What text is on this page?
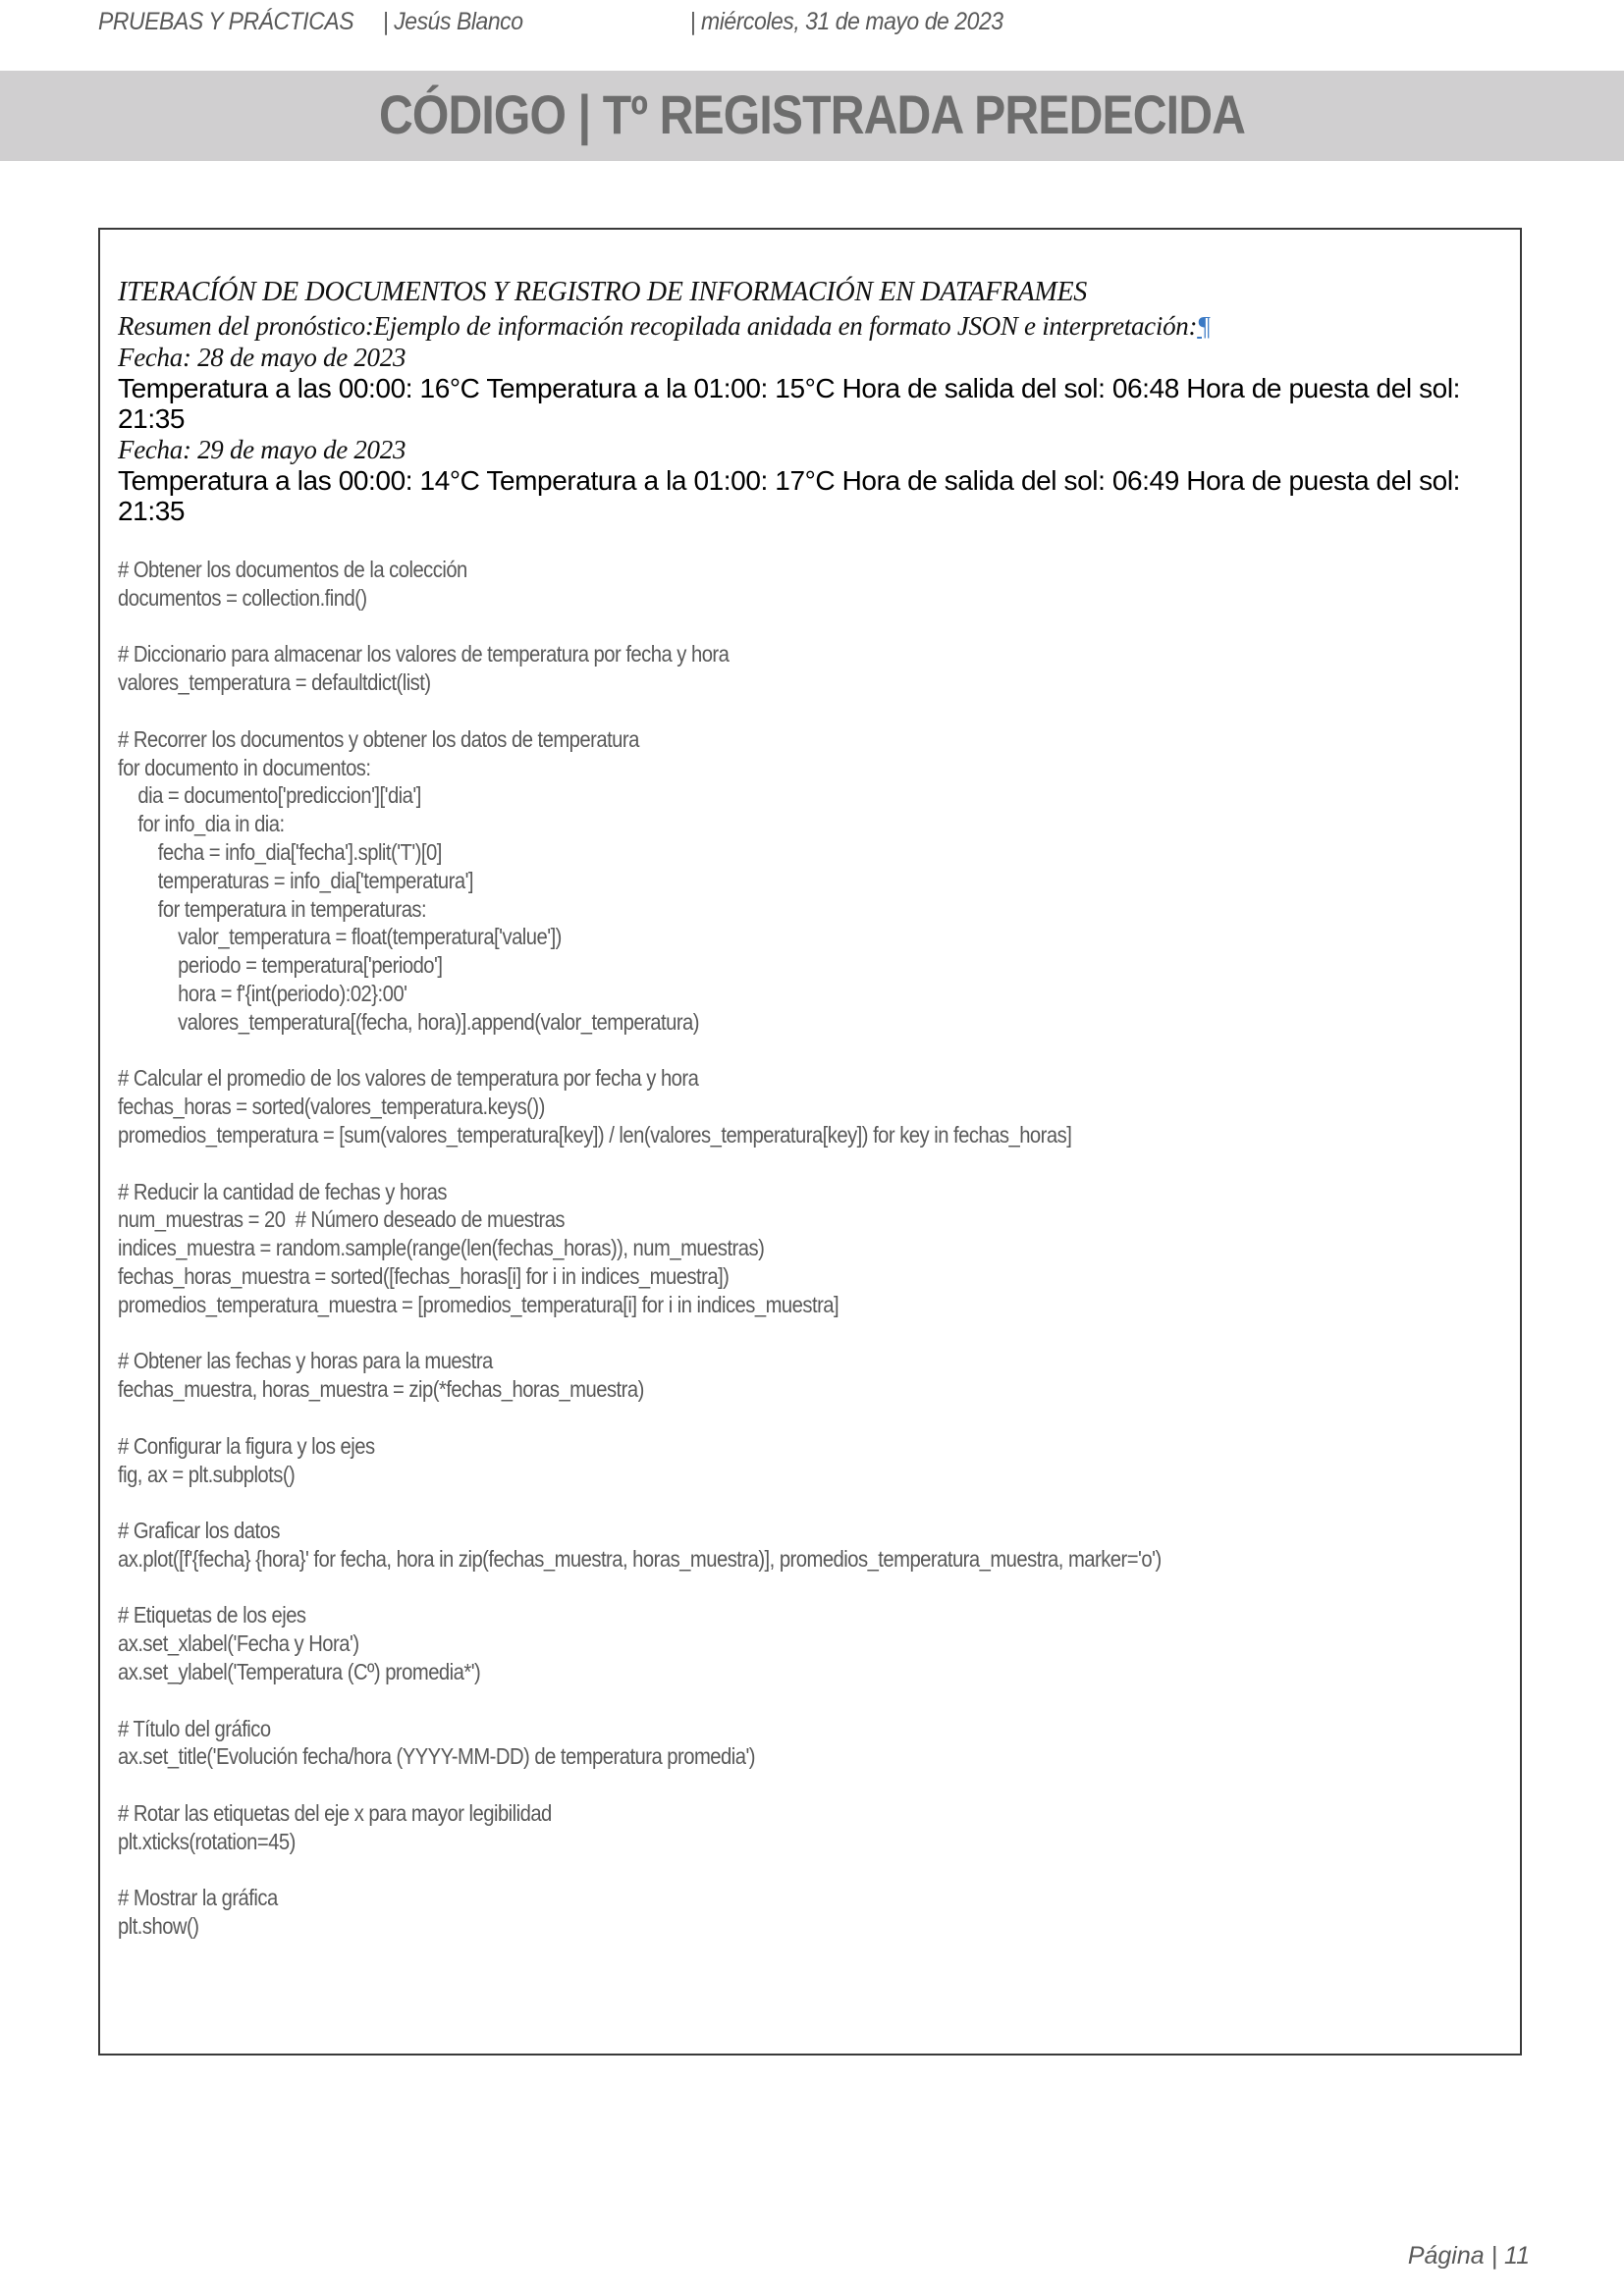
PRUEBAS Y PRÁCTICAS | Jesús Blanco	| miércoles, 31 de mayo de 2023
CÓDIGO | Tº REGISTRADA PREDECIDA

ITERACÍÓN DE DOCUMENTOS Y REGISTRO DE INFORMACIÓN EN DATAFRAMES

Resumen del pronóstico:Ejemplo de información recopilada anidada en formato JSON e interpretación:¶

Fecha: 28 de mayo de 2023

Temperatura a las 00:00: 16°C Temperatura a la 01:00: 15°C Hora de salida del sol: 06:48 Hora de puesta del sol: 21:35

Fecha: 29 de mayo de 2023

Temperatura a las 00:00: 14°C Temperatura a la 01:00: 17°C Hora de salida del sol: 06:49 Hora de puesta del sol: 21:35

# Obtener los documentos de la colección
documentos = collection.find()
# Diccionario para almacenar los valores de temperatura por fecha y hora
valores_temperatura = defaultdict(list)
# Recorrer los documentos y obtener los datos de temperatura
for documento in documentos:
dia = documento['prediccion']['dia']
for info_dia in dia:
fecha = info_dia['fecha'].split('T')[0]
temperaturas = info_dia['temperatura']
for temperatura in temperaturas:
valor_temperatura = float(temperatura['value'])
periodo = temperatura['periodo']
hora = f'{int(periodo):02}:00'
valores_temperatura[(fecha, hora)].append(valor_temperatura)
# Calcular el promedio de los valores de temperatura por fecha y hora
fechas_horas = sorted(valores_temperatura.keys())
promedios_temperatura = [sum(valores_temperatura[key]) / len(valores_temperatura[key]) for key in fechas_horas]
# Reducir la cantidad de fechas y horas
num_muestras = 20  # Número deseado de muestras
indices_muestra = random.sample(range(len(fechas_horas)), num_muestras)
fechas_horas_muestra = sorted([fechas_horas[i] for i in indices_muestra])
promedios_temperatura_muestra = [promedios_temperatura[i] for i in indices_muestra]
# Obtener las fechas y horas para la muestra
fechas_muestra, horas_muestra = zip(*fechas_horas_muestra)
# Configurar la figura y los ejes
fig, ax = plt.subplots()
# Graficar los datos
ax.plot([f'{fecha} {hora}' for fecha, hora in zip(fechas_muestra, horas_muestra)], promedios_temperatura_muestra, marker='o')
# Etiquetas de los ejes
ax.set_xlabel('Fecha y Hora')
ax.set_ylabel('Temperatura (Cº) promedia*')
# Título del gráfico
ax.set_title('Evolución fecha/hora (YYYY-MM-DD) de temperatura promedia')
# Rotar las etiquetas del eje x para mayor legibilidad
plt.xticks(rotation=45)
# Mostrar la gráfica
plt.show()
Página | 11
